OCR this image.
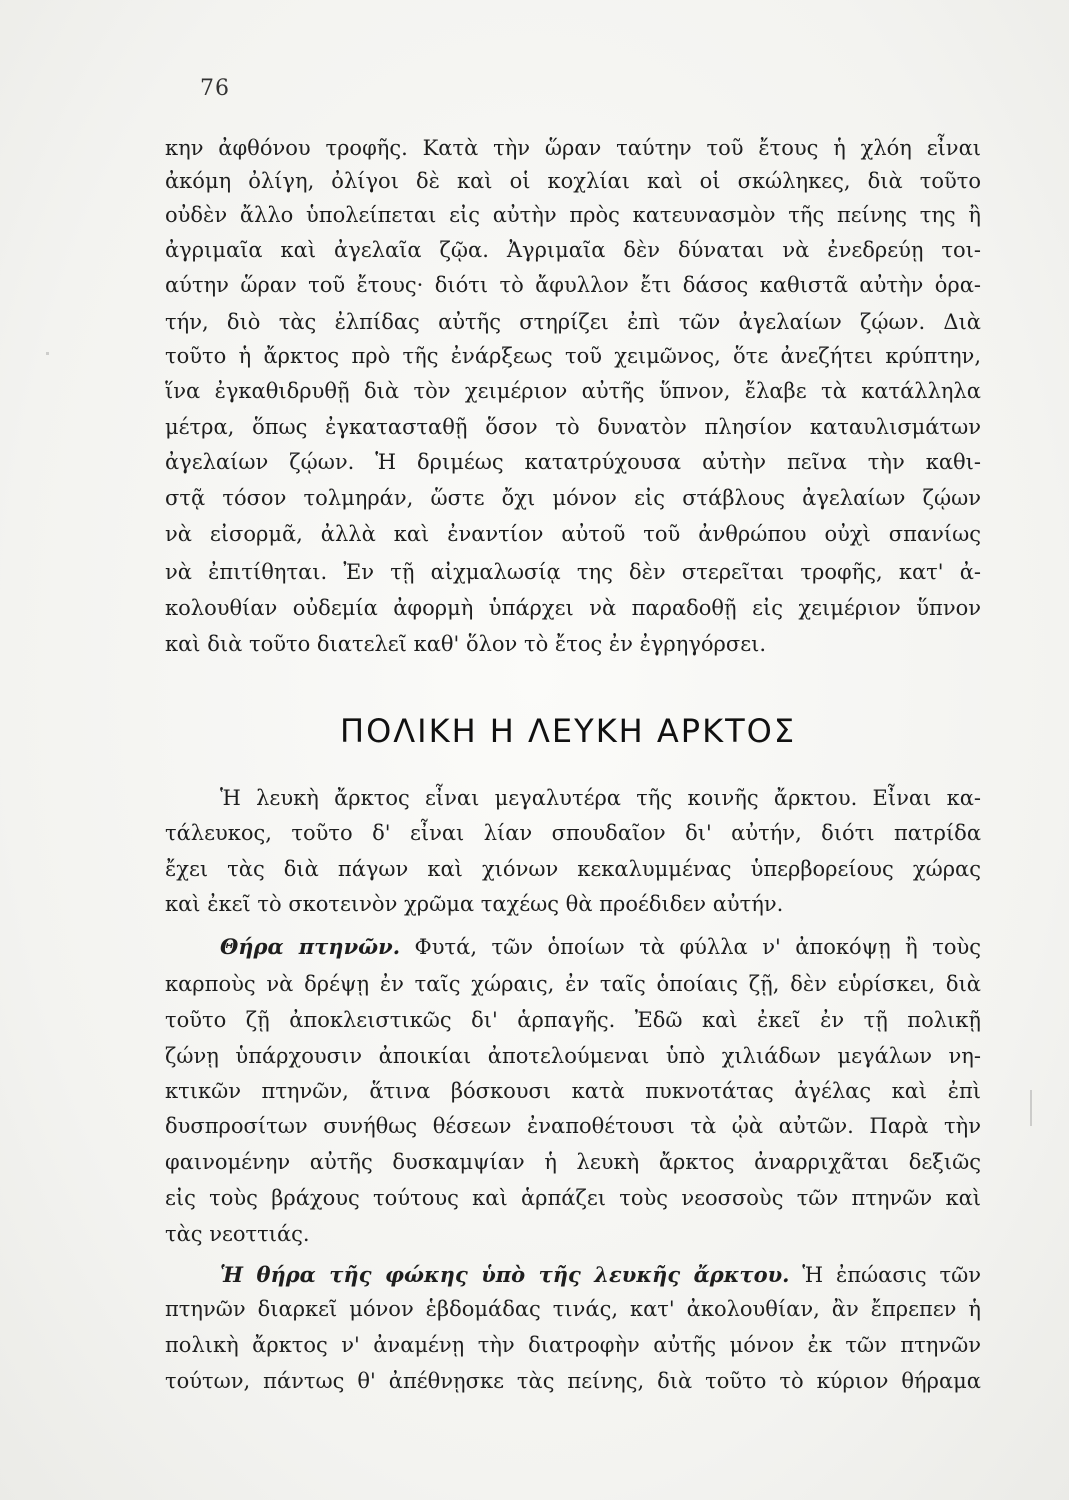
76
κην ἀφθόνου τροφῆς. Κατὰ τὴν ὥραν ταύτην τοῦ ἔτους ἡ χλόη εἶναι
ἀκόμη ὀλίγη, ὀλίγοι δὲ καὶ οἱ κοχλίαι καὶ οἱ σκώληκες, διὰ τοῦτο
οὐδὲν ἄλλο ὑπολείπεται εἰς αὐτὴν πρὸς κατευνασμὸν τῆς πείνης της ἢ
ἀγριμαῖα καὶ ἀγελαῖα ζῷα. Ἀγριμαῖα δὲν δύναται νὰ ἐνεδρεύῃ τοι-
αύτην ὥραν τοῦ ἔτους· διότι τὸ ἄφυλλον ἔτι δάσος καθιστᾶ αὐτὴν ὁρα-
τήν, διὸ τὰς ἐλπίδας αὐτῆς στηρίζει ἐπὶ τῶν ἀγελαίων ζῴων. Διὰ
τοῦτο ἡ ἄρκτος πρὸ τῆς ἐνάρξεως τοῦ χειμῶνος, ὅτε ἀνεζήτει κρύπτην,
ἵνα ἐγκαθιδρυθῇ διὰ τὸν χειμέριον αὐτῆς ὕπνον, ἔλαβε τὰ κατάλληλα
μέτρα, ὅπως ἐγκατασταθῇ ὅσον τὸ δυνατὸν πλησίον καταυλισμάτων
ἀγελαίων ζῴων. Ἡ δριμέως κατατρύχουσα αὐτὴν πεῖνα τὴν καθι-
στᾷ τόσον τολμηράν, ὥστε ὄχι μόνον εἰς στάβλους ἀγελαίων ζῴων
νὰ εἰσορμᾶ, ἀλλὰ καὶ ἐναντίον αὐτοῦ τοῦ ἀνθρώπου οὐχὶ σπανίως
νὰ ἐπιτίθηται. Ἐν τῇ αἰχμαλωσίᾳ της δὲν στερεῖται τροφῆς, κατ' ἀ-
κολουθίαν οὐδεμία ἀφορμὴ ὑπάρχει νὰ παραδοθῇ εἰς χειμέριον ὕπνον
καὶ διὰ τοῦτο διατελεῖ καθ' ὅλον τὸ ἔτος ἐν ἐγρηγόρσει.
ΠΟΛΙΚΗ Η ΛΕΥΚΗ ΑΡΚΤΟΣ
Ἡ λευκὴ ἄρκτος εἶναι μεγαλυτέρα τῆς κοινῆς ἄρκτου. Εἶναι κα-
τάλευκος, τοῦτο δ' εἶναι λίαν σπουδαῖον δι' αὐτήν, διότι πατρίδα
ἔχει τὰς διὰ πάγων καὶ χιόνων κεκαλυμμένας ὑπερβορείους χώρας
καὶ ἐκεῖ τὸ σκοτεινὸν χρῶμα ταχέως θὰ προέδιδεν αὐτήν.
Θήρα πτηνῶν. Φυτά, τῶν ὁποίων τὰ φύλλα ν' ἀποκόψῃ ἢ τοὺς
καρποὺς νὰ δρέψῃ ἐν ταῖς χώραις, ἐν ταῖς ὁποίαις ζῇ, δὲν εὑρίσκει, διὰ
τοῦτο ζῇ ἀποκλειστικῶς δι' ἁρπαγῆς. Ἐδῶ καὶ ἐκεῖ ἐν τῇ πολικῇ
ζώνῃ ὑπάρχουσιν ἀποικίαι ἀποτελούμεναι ὑπὸ χιλιάδων μεγάλων νη-
κτικῶν πτηνῶν, ἅτινα βόσκουσι κατὰ πυκνοτάτας ἀγέλας καὶ ἐπὶ
δυσπροσίτων συνήθως θέσεων ἐναποθέτουσι τὰ ᾠὰ αὐτῶν. Παρὰ τὴν
φαινομένην αὐτῆς δυσκαμψίαν ἡ λευκὴ ἄρκτος ἀναρριχᾶται δεξιῶς
εἰς τοὺς βράχους τούτους καὶ ἁρπάζει τοὺς νεοσσοὺς τῶν πτηνῶν καὶ
τὰς νεοττιάς.
Ἡ θήρα τῆς φώκης ὑπὸ τῆς λευκῆς ἄρκτου. Ἡ ἐπώασις τῶν
πτηνῶν διαρκεῖ μόνον ἑβδομάδας τινάς, κατ' ἀκολουθίαν, ἂν ἔπρεπεν ἡ
πολικὴ ἄρκτος ν' ἀναμένῃ τὴν διατροφὴν αὐτῆς μόνον ἐκ τῶν πτηνῶν
τούτων, πάντως θ' ἀπέθνῃσκε τὰς πείνης, διὰ τοῦτο τὸ κύριον θήραμα
